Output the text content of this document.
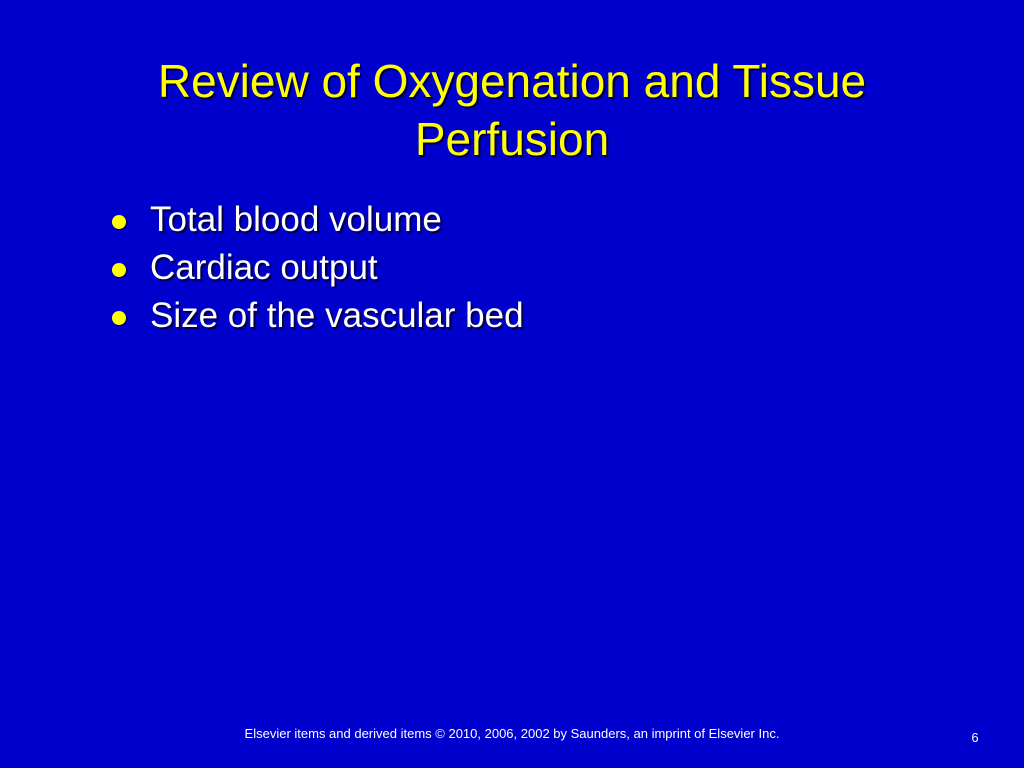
Review of Oxygenation and Tissue
Perfusion
Total blood volume
Cardiac output
Size of the vascular bed
Elsevier items and derived items © 2010, 2006, 2002 by Saunders, an imprint of Elsevier Inc.	6
